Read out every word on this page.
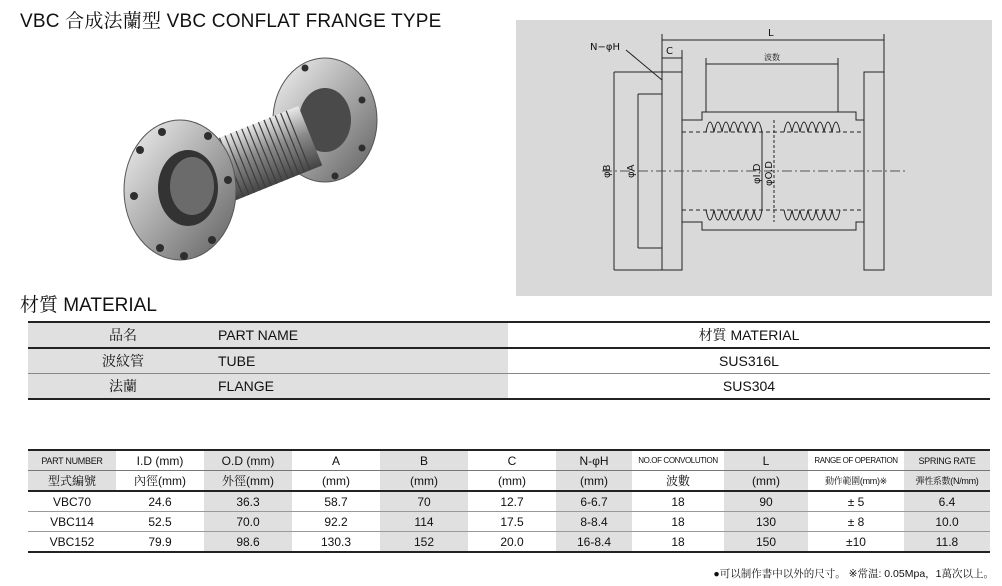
VBC 合成法蘭型 VBC CONFLAT FRANGE TYPE
N−φH	C
L
波数
φB φA	φI.D φO.D
材質 MATERIAL
品名	PART NAME	材質 MATERIAL
波紋管	TUBE	SUS316L
法蘭	FLANGE	SUS304
PART NUMBER	I.D (mm)	O.D (mm)	A	B	C	N-φH	NO.OF CONVOLUTION	L	RANGE OF OPERATION	SPRING RATE
型式編號	內徑(mm)	外徑(mm)	(mm)	(mm)	(mm)	(mm)	波數	(mm)	動作範圍(mm)※	彈性系數(N/mm)
VBC70	24.6	36.3	58.7	70	12.7	6-6.7	18	90	± 5	6.4
VBC114	52.5	70.0	92.2	114	17.5	8-8.4	18	130	± 8	10.0
VBC152	79.9	98.6	130.3	152	20.0	16-8.4	18	150	±10	11.8
●可以制作書中以外的尺寸。 ※常温: 0.05Mpa，1萬次以上。
